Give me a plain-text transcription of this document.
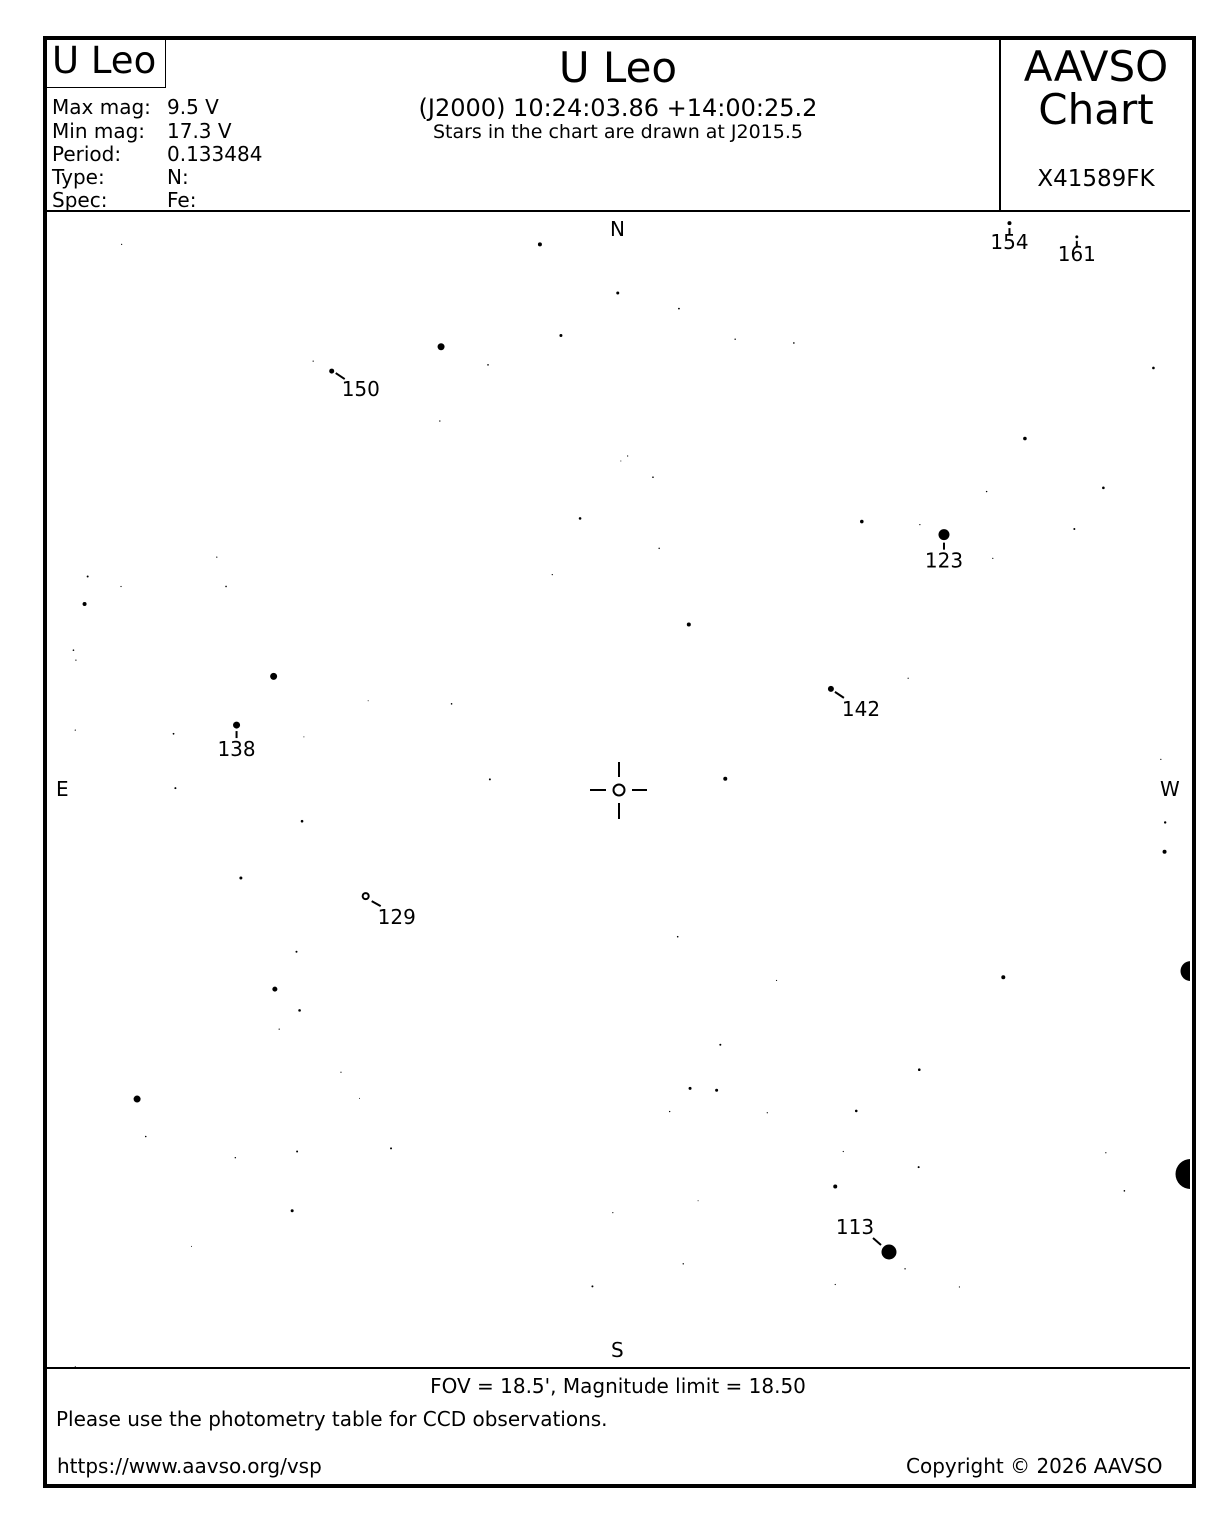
U Leo	U Leo
(J2000) 10:24:03.86 +14:00:25.2
Stars in the chart are drawn at J2015.5
AAVSO
Chart
X41589FK
Max mag: 9.5 V
Min mag: 17.3 V
Period: 0.133484
Type:	N:
Spec:	Fe:
N
S
E	W
154 161
150
123
142
138
129
113
FOV = 18.5', Magnitude limit = 18.50
Please use the photometry table for CCD observations.
https://www.aavso.org/vsp	Copyright © 2026 AAVSO
